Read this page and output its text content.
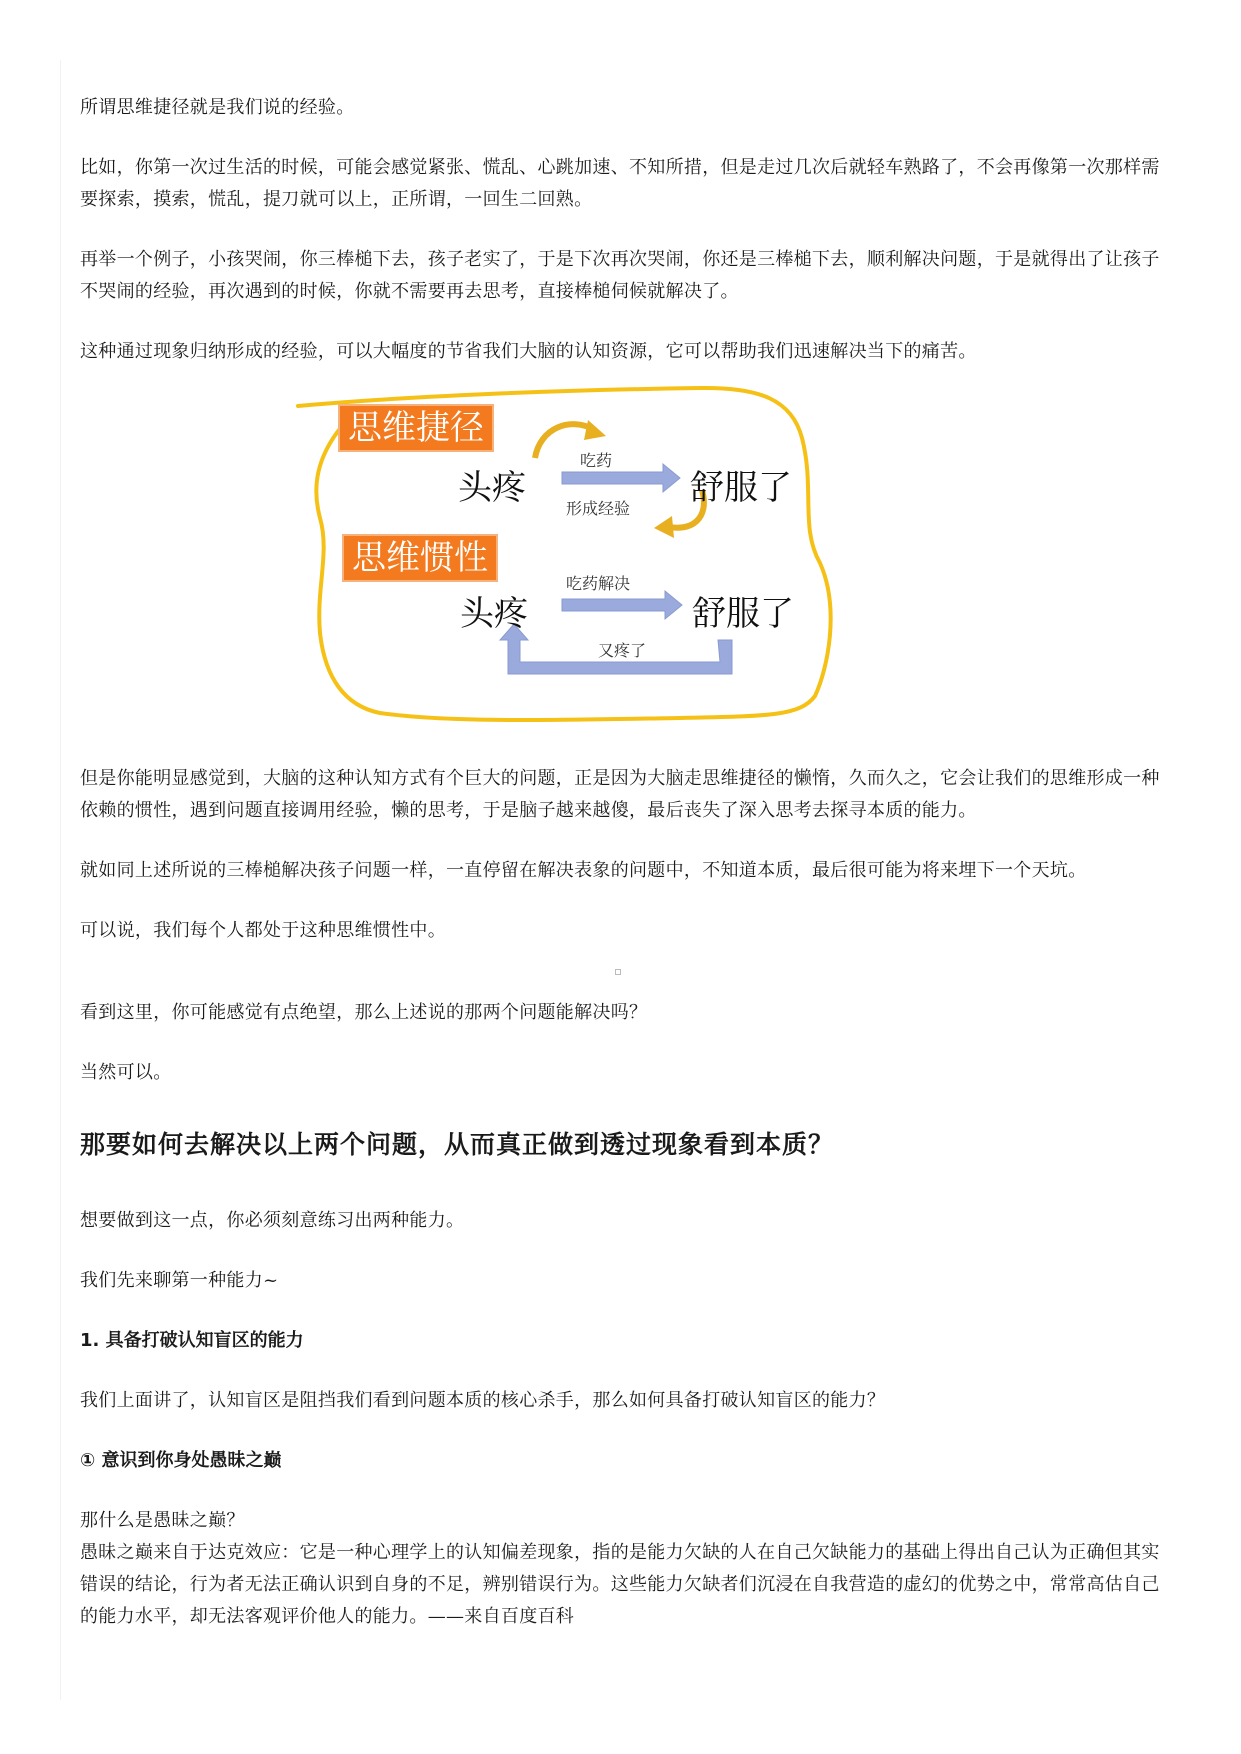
所谓思维捷径就是我们说的经验。

比如，你第一次过生活的时候，可能会感觉紧张、慌乱、心跳加速、不知所措，但是走过几次后就轻车熟路了，不会再像第一次那样需要探索，摸索，慌乱，提刀就可以上，正所谓，一回生二回熟。

再举一个例子，小孩哭闹，你三棒槌下去，孩子老实了，于是下次再次哭闹，你还是三棒槌下去，顺利解决问题，于是就得出了让孩子不哭闹的经验，再次遇到的时候，你就不需要再去思考，直接棒槌伺候就解决了。

这种通过现象归纳形成的经验，可以大幅度的节省我们大脑的认知资源，它可以帮助我们迅速解决当下的痛苦。

思维捷径
吃药
头疼	舒服了
形成经验
思维惯性
吃药解决
头疼	舒服了
又疼了

但是你能明显感觉到，大脑的这种认知方式有个巨大的问题，正是因为大脑走思维捷径的懒惰，久而久之，它会让我们的思维形成一种依赖的惯性，遇到问题直接调用经验，懒的思考，于是脑子越来越傻，最后丧失了深入思考去探寻本质的能力。

就如同上述所说的三棒槌解决孩子问题一样，一直停留在解决表象的问题中，不知道本质，最后很可能为将来埋下一个天坑。

可以说，我们每个人都处于这种思维惯性中。

看到这里，你可能感觉有点绝望，那么上述说的那两个问题能解决吗？

当然可以。

那要如何去解决以上两个问题，从而真正做到透过现象看到本质？

想要做到这一点，你必须刻意练习出两种能力。

我们先来聊第一种能力~

1. 具备打破认知盲区的能力

我们上面讲了，认知盲区是阻挡我们看到问题本质的核心杀手，那么如何具备打破认知盲区的能力？

① 意识到你身处愚昧之巅

那什么是愚昧之巅？

愚昧之巅来自于达克效应：它是一种心理学上的认知偏差现象，指的是能力欠缺的人在自己欠缺能力的基础上得出自己认为正确但其实错误的结论，行为者无法正确认识到自身的不足，辨别错误行为。这些能力欠缺者们沉浸在自我营造的虚幻的优势之中，常常高估自己的能力水平，却无法客观评价他人的能力。——来自百度百科
